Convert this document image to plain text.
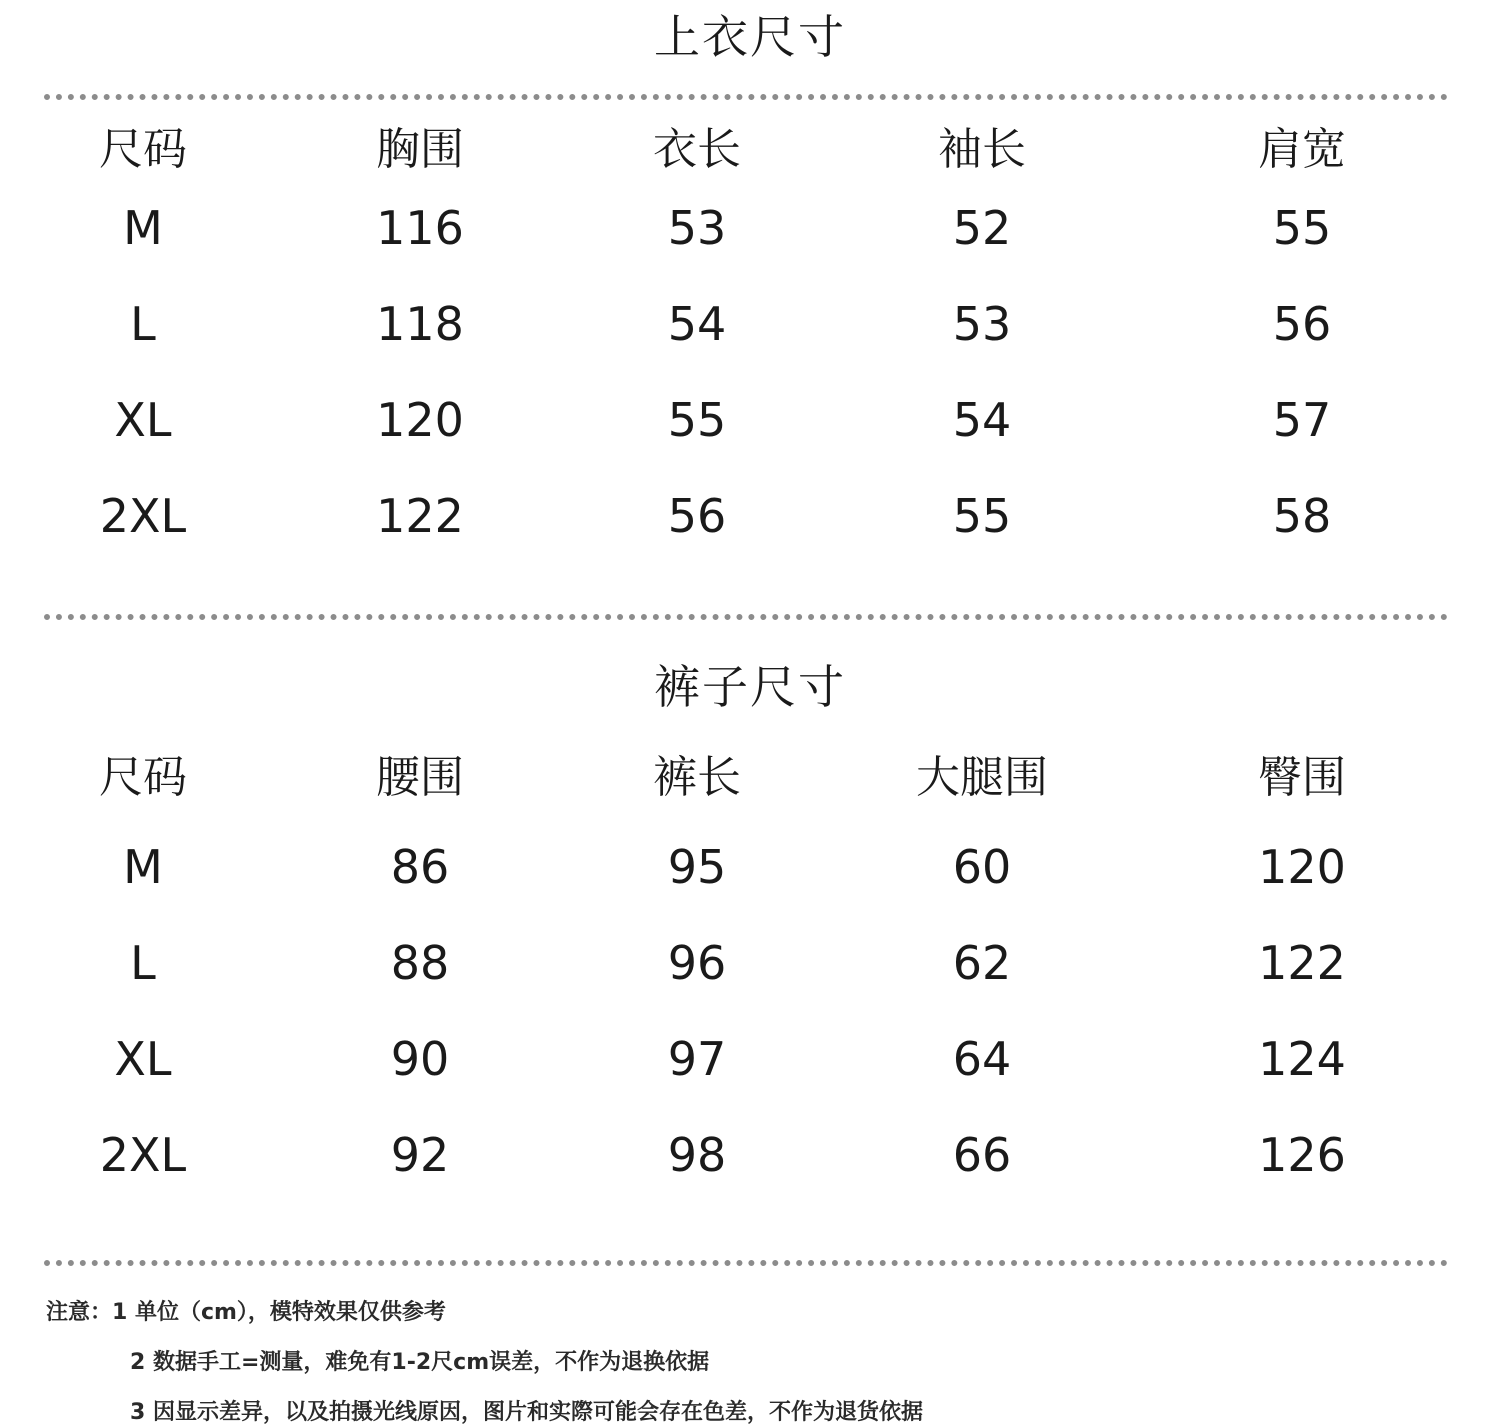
上衣尺寸
尺码	胸围	衣长	袖长	肩宽
M	116	53	52	55
L	118	54	53	56
XL	120	55	54	57
2XL	122	56	55	58
裤子尺寸
尺码	腰围	裤长	大腿围	臀围
M	86	95	60	120
L	88	96	62	122
XL	90	97	64	124
2XL	92	98	66	126
注意：1 单位（cm），模特效果仅供参考
2 数据手工=测量，难免有1-2尺cm误差，不作为退换依据
3 因显示差异，以及拍摄光线原因，图片和实際可能会存在色差，不作为退货依据
